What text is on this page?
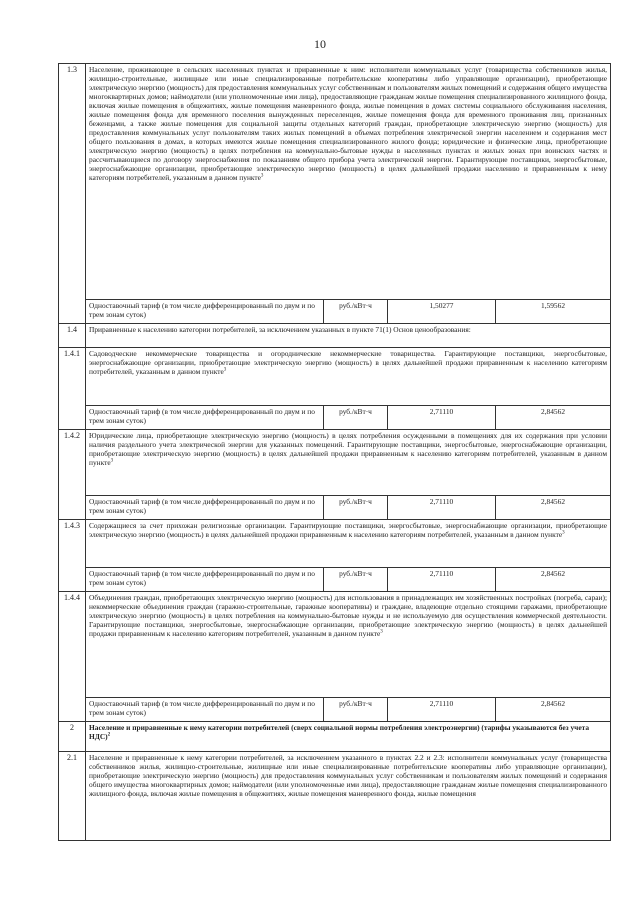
10
1.3	Население, проживающее в сельских населенных пунктах и приравненные к ним: исполнители коммунальных услуг (товарищества собственников жилья, жилищно-строительные, жилищные или иные специализированные потребительские кооперативы либо управляющие организации), приобретающие электрическую энергию (мощность) для предоставления коммунальных услуг собственникам и пользователям жилых помещений и содержания общего имущества многоквартирных домов; наймодатели (или уполномоченные ими лица), предоставляющие гражданам жилые помещения специализированного жилищного фонда, включая жилые помещения в общежитиях, жилые помещения маневренного фонда, жилые помещения в домах системы социального обслуживания населения, жилые помещения фонда для временного поселения вынужденных переселенцев, жилые помещения фонда для временного проживания лиц, признанных беженцами, а также жилые помещения для социальной защиты отдельных категорий граждан, приобретающие электрическую энергию (мощность) для предоставления коммунальных услуг пользователям таких жилых помещений в объемах потребления электрической энергии населением и содержания мест общего пользования в домах, в которых имеются жилые помещения специализированного жилого фонда; юридические и физические лица, приобретающие электрическую энергию (мощность) в целях потребления на коммунально-бытовые нужды в населенных пунктах и жилых зонах при воинских частях и рассчитывающиеся по договору энергоснабжения по показаниям общего прибора учета электрической энергии. Гарантирующие поставщики, энергосбытовые, энергоснабжающие организации, приобретающие электрическую энергию (мощность) в целях дальнейшей продажи населению и приравненным к нему категориям потребителей, указанным в данном пункте$^3$
	Одноставочный тариф (в том числе дифференцированный по двум и по трем зонам суток)	руб./кВт·ч	1,50277	1,59562
1.4	Приравненные к населению категории потребителей, за исключением указанных в пункте 71(1) Основ ценообразования:			
1.4.1	Садоводческие некоммерческие товарищества и огороднические некоммерческие товарищества. Гарантирующие поставщики, энергосбытовые, энергоснабжающие организации, приобретающие электрическую энергию (мощность) в целях дальнейшей продажи приравненным к населению категориям потребителей, указанным в данном пункте$^3$
	Одноставочный тариф (в том числе дифференцированный по двум и по трем зонам суток)	руб./кВт·ч	2,71110	2,84562
1.4.2	Юридические лица, приобретающие электрическую энергию (мощность) в целях потребления осужденными в помещениях для их содержания при условии наличия раздельного учета электрической энергии для указанных помещений. Гарантирующие поставщики, энергосбытовые, энергоснабжающие организации, приобретающие электрическую энергию (мощность) в целях дальнейшей продажи приравненным к населению категориям потребителей, указанным в данном пункте$^3$
	Одноставочный тариф (в том числе дифференцированный по двум и по трем зонам суток)	руб./кВт·ч	2,71110	2,84562
1.4.3	Содержащиеся за счет прихожан религиозные организации. Гарантирующие поставщики, энергосбытовые, энергоснабжающие организации, приобретающие электрическую энергию (мощность) в целях дальнейшей продажи приравненным к населению категориям потребителей, указанным в данном пункте$^3$
	Одноставочный тариф (в том числе дифференцированный по двум и по трем зонам суток)	руб./кВт·ч	2,71110	2,84562
1.4.4	Объединения граждан, приобретающих электрическую энергию (мощность) для использования в принадлежащих им хозяйственных постройках (погреба, сараи); некоммерческие объединения граждан (гаражно-строительные, гаражные кооперативы) и граждане, владеющие отдельно стоящими гаражами, приобретающие электрическую энергию (мощность) в целях потребления на коммунально-бытовые нужды и не используемую для осуществления коммерческой деятельности. Гарантирующие поставщики, энергосбытовые, энергоснабжающие организации, приобретающие электрическую энергию (мощность) в целях дальнейшей продажи приравненным к населению категориям потребителей, указанным в данном пункте$^3$
	Одноставочный тариф (в том числе дифференцированный по двум и по трем зонам суток)	руб./кВт·ч	2,71110	2,84562
2	Население и приравненные к нему категории потребителей (сверх социальной нормы потребления электроэнергии) (тарифы указываются без учета НДС)$^2$
2.1	Население и приравненные к нему категории потребителей, за исключением указанного в пунктах 2.2 и 2.3: исполнители коммунальных услуг (товарищества собственников жилья, жилищно-строительные, жилищные или иные специализированные потребительские кооперативы либо управляющие организации), приобретающие электрическую энергию (мощность) для предоставления коммунальных услуг собственникам и пользователям жилых помещений и содержания общего имущества многоквартирных домов; наймодатели (или уполномоченные ими лица), предоставляющие гражданам жилые помещения специализированного жилищного фонда, включая жилые помещения в общежитиях, жилые помещения маневренного фонда, жилые помещения			
